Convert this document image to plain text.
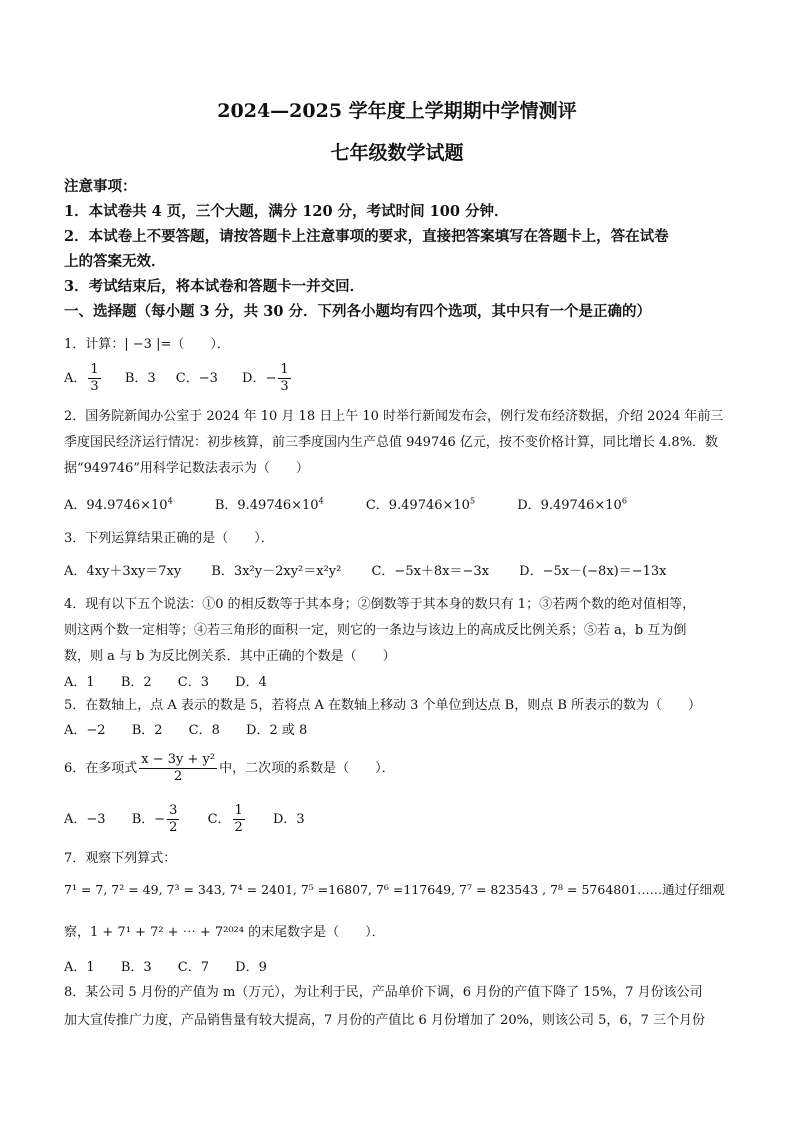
2024—2025 学年度上学期期中学情测评
七年级数学试题
注意事项：
1．本试卷共 4 页，三个大题，满分 120 分，考试时间 100 分钟．
2．本试卷上不要答题，请按答题卡上注意事项的要求，直接把答案填写在答题卡上，答在试卷
上的答案无效．
3．考试结束后，将本试卷和答题卡一并交回．
一、选择题（每小题 3 分，共 30 分．下列各小题均有四个选项，其中只有一个是正确的）
1．计算：| −3 |=（　　）．
A． $\frac{1}{3}$ B．3 C．−3 D．− $\frac{1}{3}$
2．国务院新闻办公室于 2024 年 10 月 18 日上午 10 时举行新闻发布会，例行发布经济数据，介绍 2024 年前三
季度国民经济运行情况：初步核算，前三季度国内生产总值 949746 亿元，按不变价格计算，同比增长 4.8%．数
据“949746”用科学记数法表示为（　　）
A．$94.9746\times 10^4$	B．$9.49746\times 10^4$	C．$9.49746\times 10^5$	D．$9.49746\times 10^6$
3．下列运算结果正确的是（　　）．
A．4xy＋3xy＝7xy B．3x²y－2xy²＝x²y² C．−5x＋8x＝−3x D．−5x－(−8x)＝−13x
4．现有以下五个说法：①0 的相反数等于其本身；②倒数等于其本身的数只有 1；③若两个数的绝对值相等，
则这两个数一定相等；④若三角形的面积一定，则它的一条边与该边上的高成反比例关系；⑤若 a，b 互为倒
数，则 a 与 b 为反比例关系．其中正确的个数是（　　）
A．1 B．2 C．3 D．4
5．在数轴上，点 A 表示的数是 5，若将点 A 在数轴上移动 3 个单位到达点 B，则点 B 所表示的数为（　　）
A．−2 B．2 C．8 D．2 或 8
6．在多项式 $\frac{\text{x − 3y + y²}}{2}$ 中，二次项的系数是（　　）．
A．−3 B．− $\frac{3}{2}$ C． $\frac{1}{2}$ D．3
7．观察下列算式：
7¹ = 7, 7² = 49, 7³ = 343, 7⁴ = 2401, 7⁵ =16807, 7⁶ =117649, 7⁷ = 823543 , 7⁸ = 5764801……通过仔细观
察，1 + 7¹ + 7² + ⋯ + 7²⁰²⁴ 的末尾数字是（　　）．
A．1 B．3 C．7 D．9
8．某公司 5 月份的产值为 m（万元），为让利于民，产品单价下调，6 月份的产值下降了 15%，7 月份该公司
加大宣传推广力度，产品销售量有较大提高，7 月份的产值比 6 月份增加了 20%，则该公司 5，6，7 三个月份
